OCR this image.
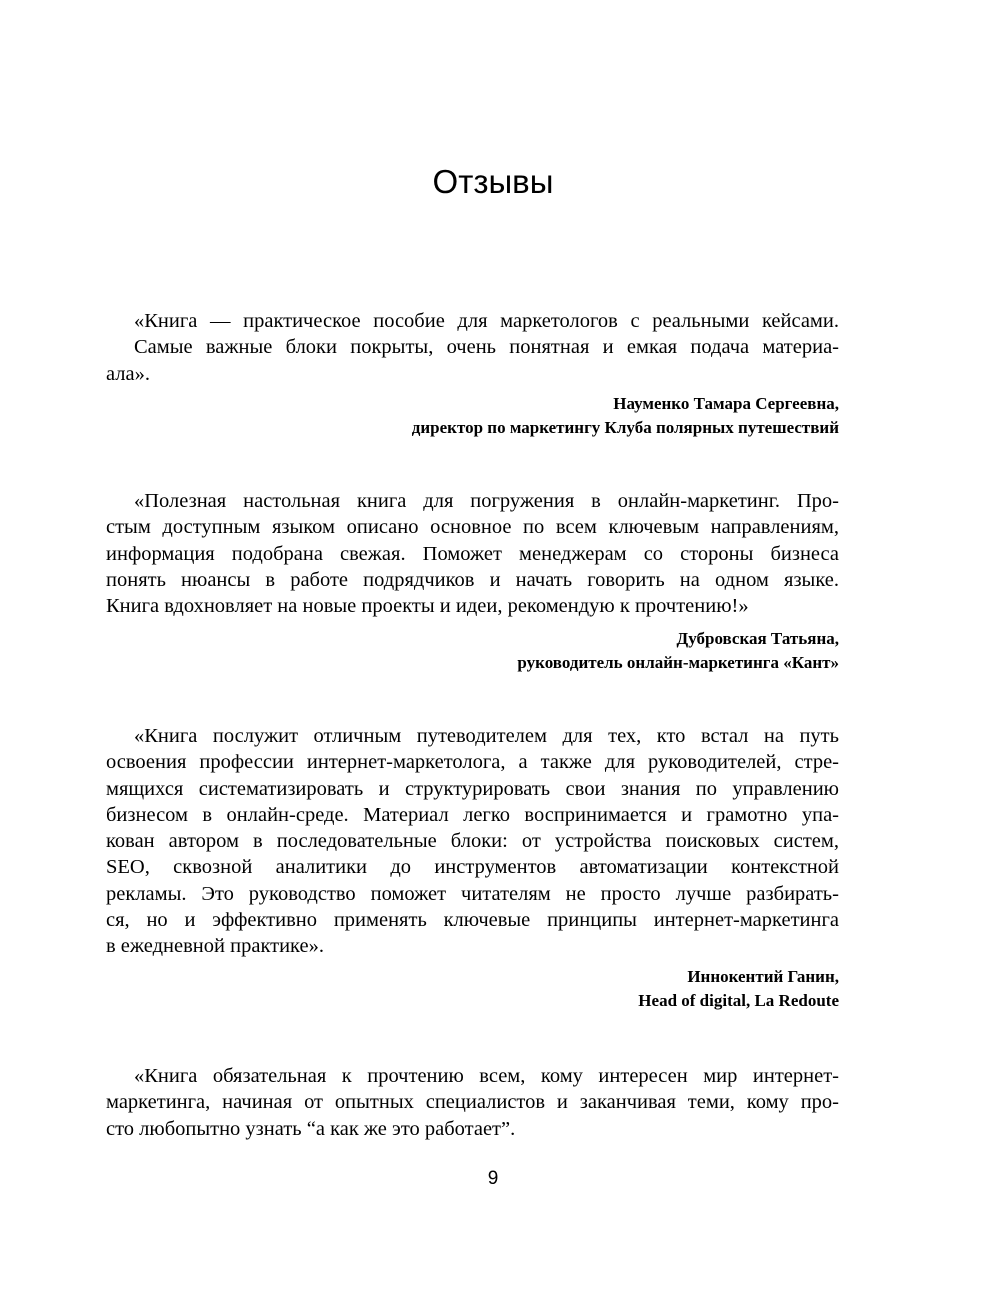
Отзывы

«Книга — практическое пособие для маркетологов с реальными кейсами.
Самые важные блоки покрыты, очень понятная и емкая подача материа-
ала».

Науменко Тамара Сергеевна,
директор по маркетингу Клуба полярных путешествий

«Полезная настольная книга для погружения в онлайн-маркетинг. Про-
стым доступным языком описано основное по всем ключевым направлениям,
информация подобрана свежая. Поможет менеджерам со стороны бизнеса
понять нюансы в работе подрядчиков и начать говорить на одном языке.
Книга вдохновляет на новые проекты и идеи, рекомендую к прочтению!»

Дубровская Татьяна,
руководитель онлайн-маркетинга «Кант»

«Книга послужит отличным путеводителем для тех, кто встал на путь
освоения профессии интернет-маркетолога, а также для руководителей, стре-
мящихся систематизировать и структурировать свои знания по управлению
бизнесом в онлайн-среде. Материал легко воспринимается и грамотно упа-
кован автором в последовательные блоки: от устройства поисковых систем,
SEO, сквозной аналитики до инструментов автоматизации контекстной
рекламы. Это руководство поможет читателям не просто лучше разбирать-
ся, но и эффективно применять ключевые принципы интернет-маркетинга
в ежедневной практике».

Иннокентий Ганин,
Head of digital, La Redoute

«Книга обязательная к прочтению всем, кому интересен мир интернет-
маркетинга, начиная от опытных специалистов и заканчивая теми, кому про-
сто любопытно узнать “а как же это работает”.

9
